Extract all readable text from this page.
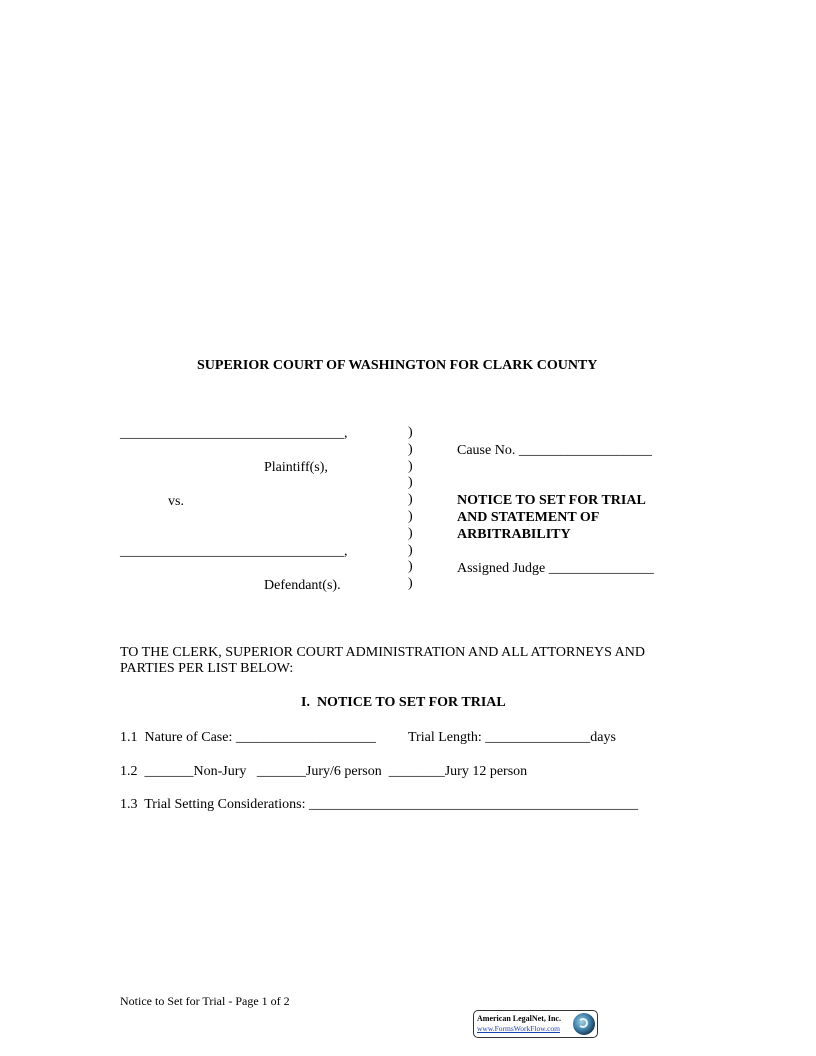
SUPERIOR COURT OF WASHINGTON FOR CLARK COUNTY
________________________________,
Plaintiff(s),
vs.
________________________________,
Defendant(s).
)
)
)
)
)
)
)
)
)
)
Cause No. ___________________
NOTICE TO SET FOR TRIAL
AND STATEMENT OF
ARBITRABILITY
Assigned Judge _______________
TO THE CLERK, SUPERIOR COURT ADMINISTRATION AND ALL ATTORNEYS AND
PARTIES PER LIST BELOW:
I.  NOTICE TO SET FOR TRIAL
1.1  Nature of Case: ____________________ Trial Length: _______________days
1.2  _______Non-Jury   _______Jury/6 person  ________Jury 12 person
1.3  Trial Setting Considerations: _______________________________________________
Notice to Set for Trial - Page 1 of 2
American LegalNet, Inc.
www.FormsWorkFlow.com
